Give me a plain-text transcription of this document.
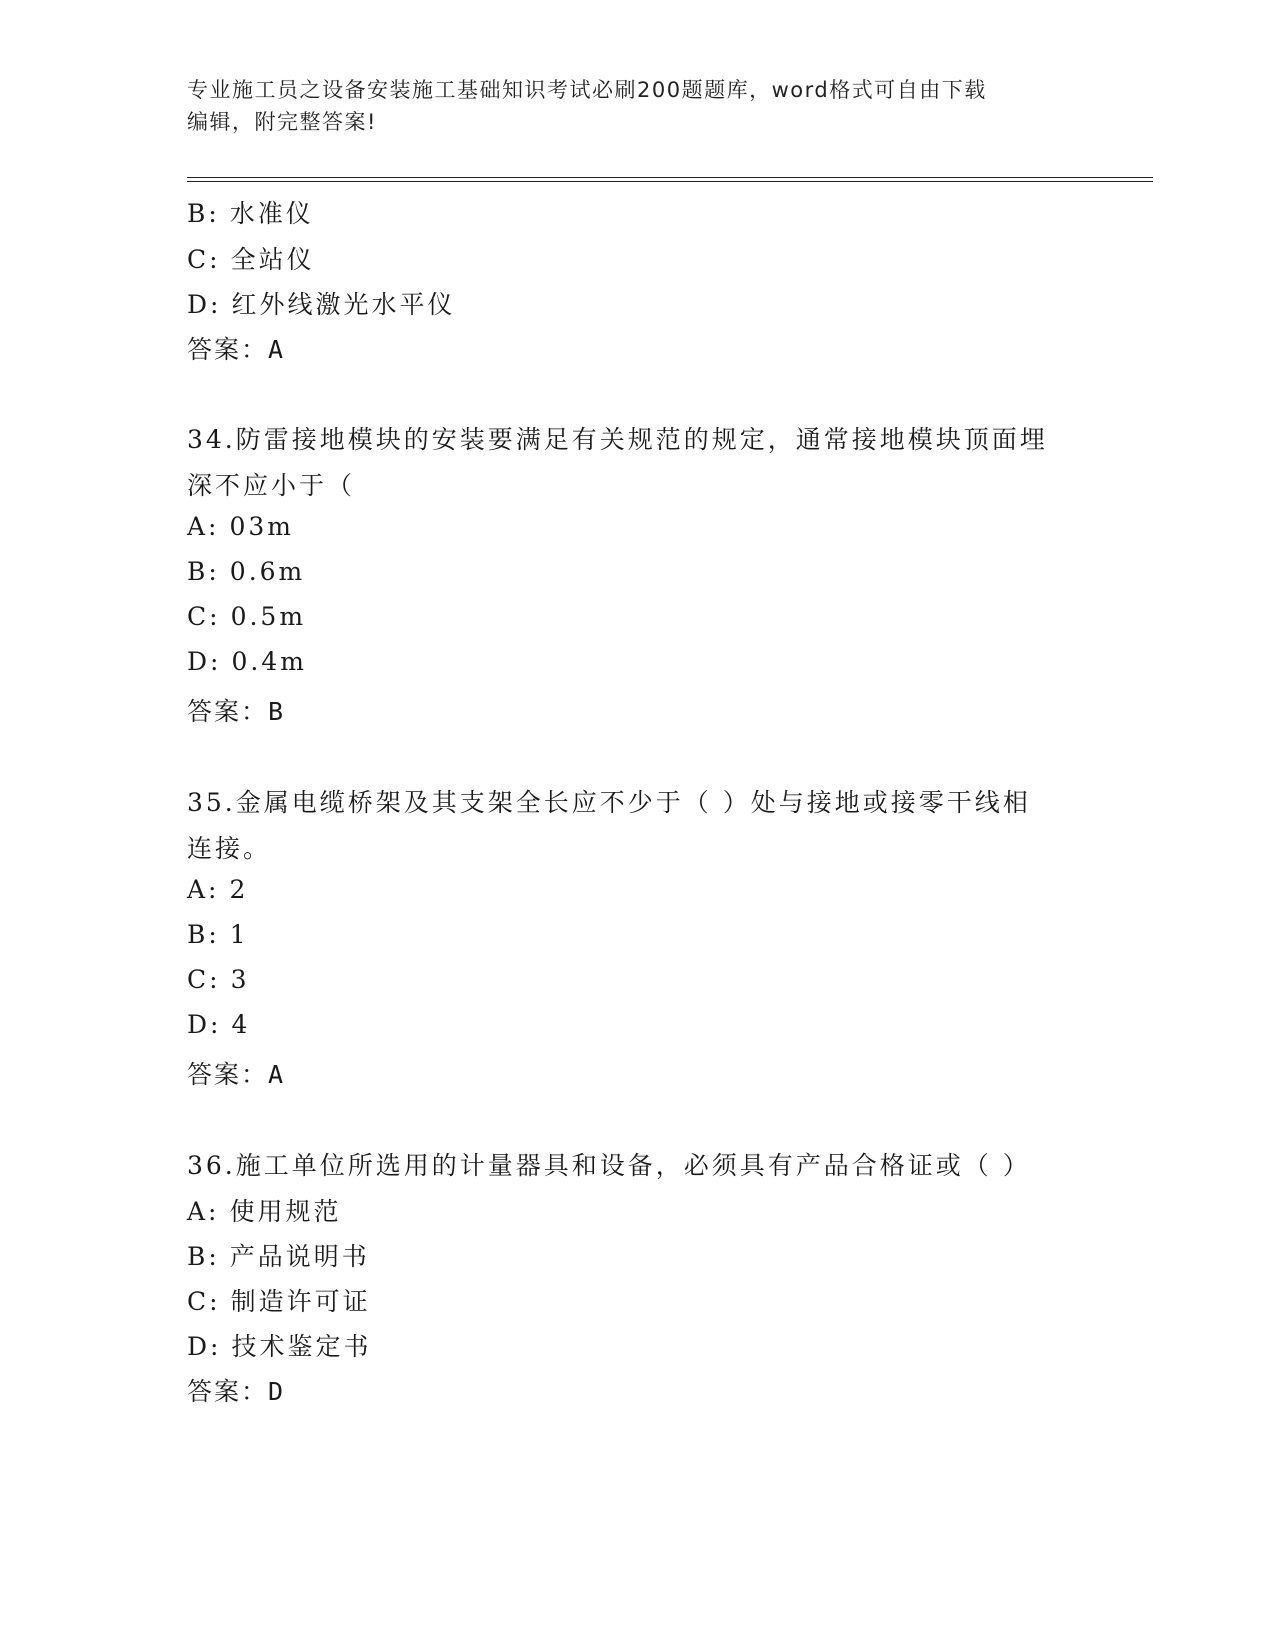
专业施工员之设备安装施工基础知识考试必刷200题题库，word格式可自由下载
编辑，附完整答案!
B: 水准仪
C: 全站仪
D: 红外线激光水平仪
答案：A
34.防雷接地模块的安装要满足有关规范的规定，通常接地模块顶面埋
深不应小于（
A: 03m
B: 0.6m
C: 0.5m
D: 0.4m
答案：B
35.金属电缆桥架及其支架全长应不少于（ ）处与接地或接零干线相
连接。
A: 2
B: 1
C: 3
D: 4
答案：A
36.施工单位所选用的计量器具和设备，必须具有产品合格证或（ ）
A: 使用规范
B: 产品说明书
C: 制造许可证
D: 技术鉴定书
答案：D
